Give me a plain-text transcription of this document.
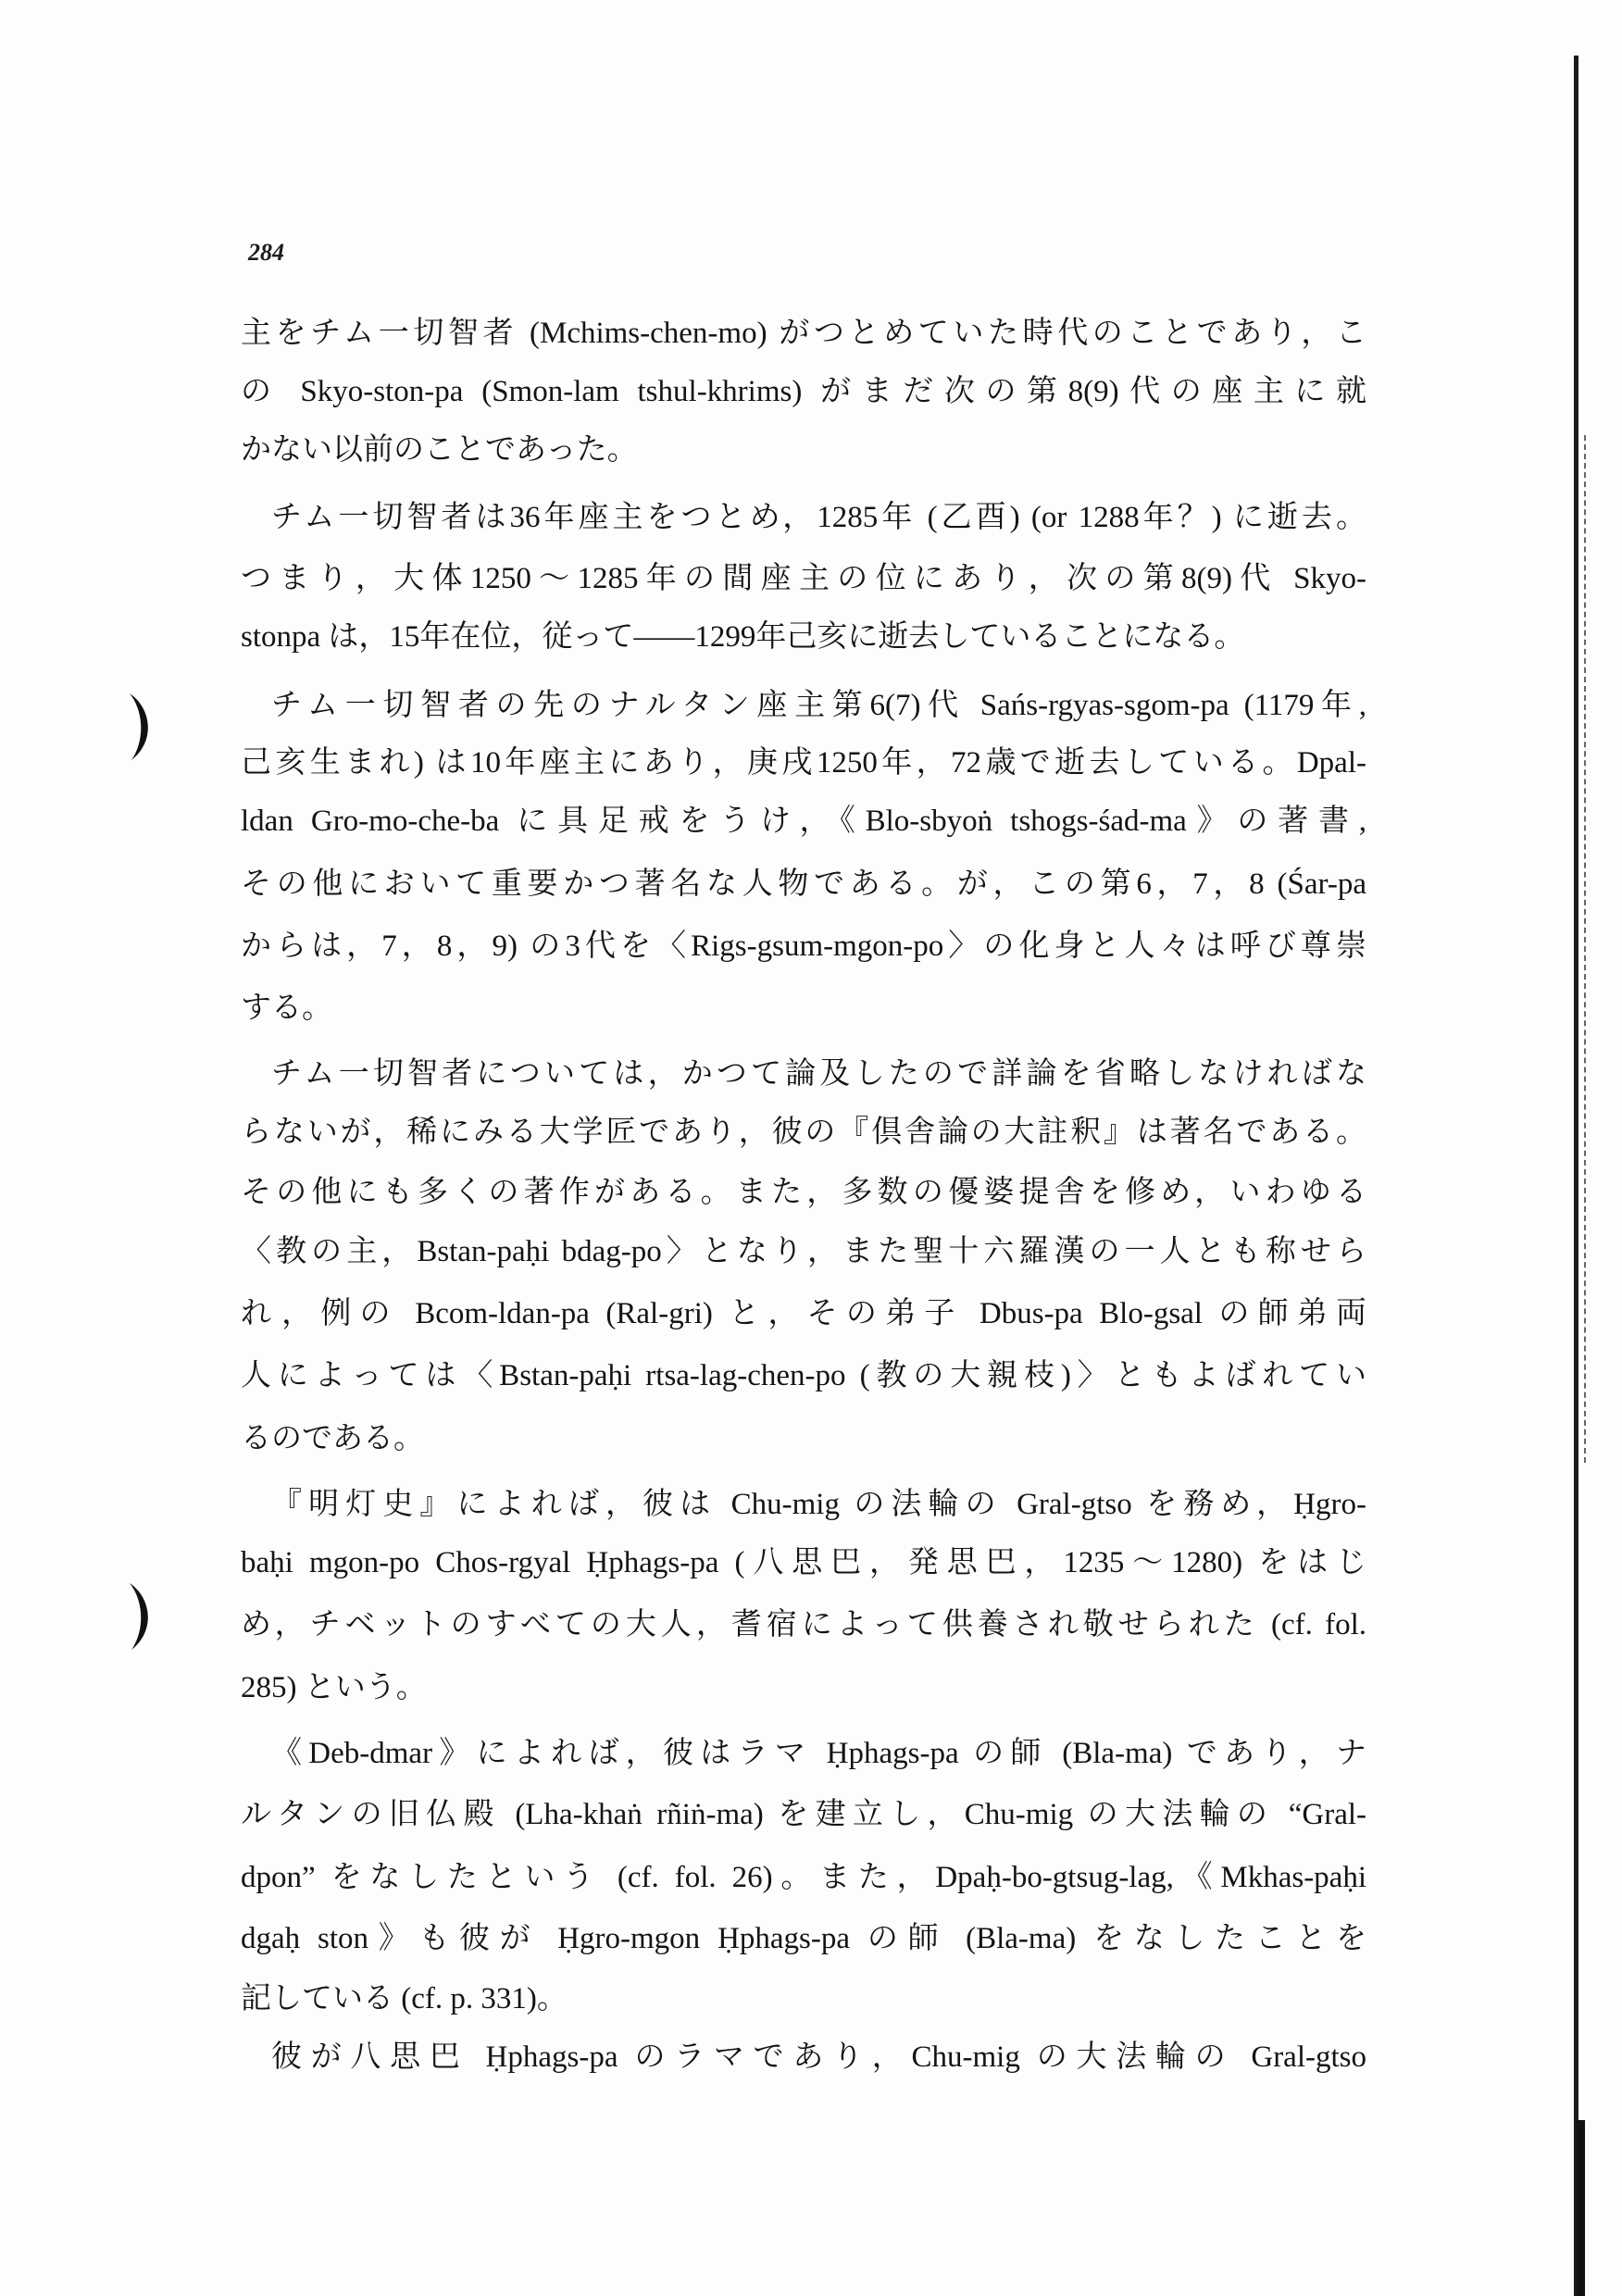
284
主をチム一切智者 (Mchims-chen-mo) がつとめていた時代のことであり，こ
の Skyo-ston-pa (Smon-lam tshul-khrims) がまだ次の第8(9)代の座主に就
かない以前のことであった。
チム一切智者は36年座主をつとめ，1285年 (乙酉) (or 1288年？) に逝去。
つまり，大体1250～1285年の間座主の位にあり，次の第8(9)代 Skyo-
stonpa は，15年在位，従って——1299年己亥に逝去していることになる。
チム一切智者の先のナルタン座主第6(7)代 Sańs-rgyas-sgom-pa (1179年,
己亥生まれ) は10年座主にあり，庚戌1250年，72歳で逝去している。Dpal-
ldan Gro-mo-che-ba に具足戒をうけ，《Blo-sbyoṅ tshogs-śad-ma》の著書,
その他において重要かつ著名な人物である。が，この第6，7，8 (Śar-pa
からは，7，8，9) の3代を〈Rigs-gsum-mgon-po〉の化身と人々は呼び尊崇
する。
チム一切智者については，かつて論及したので詳論を省略しなければな
らないが，稀にみる大学匠であり，彼の『倶舎論の大註釈』は著名である。
その他にも多くの著作がある。また，多数の優婆提舎を修め，いわゆる
〈教の主，Bstan-paḥi bdag-po〉となり，また聖十六羅漢の一人とも称せら
れ，例の Bcom-ldan-pa (Ral-gri) と，その弟子 Dbus-pa Blo-gsal の師弟両
人によっては〈Bstan-paḥi rtsa-lag-chen-po (教の大親枝)〉ともよばれてい
るのである。
『明灯史』によれば，彼は Chu-mig の法輪の Gral-gtso を務め，Ḥgro-
baḥi mgon-po Chos-rgyal Ḥphags-pa (八思巴，発思巴，1235～1280) をはじ
め，チベットのすべての大人，耆宿によって供養され敬せられた (cf. fol.
285) という。
《Deb-dmar》によれば，彼はラマ Ḥphags-pa の師 (Bla-ma) であり，ナ
ルタンの旧仏殿 (Lha-khaṅ rñiṅ-ma) を建立し，Chu-mig の大法輪の “Gral-
dpon” をなしたという (cf. fol. 26)。また，Dpaḥ-bo-gtsug-lag,《Mkhas-paḥi
dgaḥ ston》も彼が Ḥgro-mgon Ḥphags-pa の師 (Bla-ma) をなしたことを
記している (cf. p. 331)。
彼が八思巴 Ḥphags-pa のラマであり，Chu-mig の大法輪の Gral-gtso
